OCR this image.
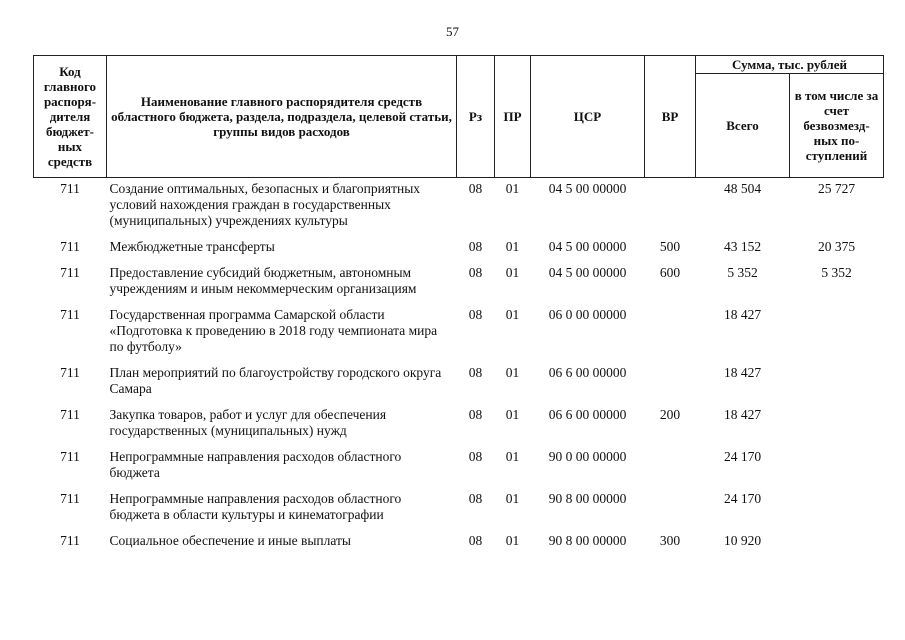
57
Код главного распоря-дителя бюджет-ных средств	Наименование главного распорядителя средств областного бюджета, раздела, подраздела, целевой статьи, группы видов расходов	Рз	ПР	ЦСР	ВР	Сумма, тыс. рублей	
						Всего	в том числе за счет безвозмезд-ных по-ступлений
711	Создание оптимальных, безопасных и благоприятных условий нахождения граждан в государственных (муниципальных) учреждениях культуры	08	01	04 5 00 00000		48 504	25 727
711	Межбюджетные трансферты	08	01	04 5 00 00000	500	43 152	20 375
711	Предоставление субсидий бюджетным, автономным учреждениям и иным некоммерческим организациям	08	01	04 5 00 00000	600	5 352	5 352
711	Государственная программа Самарской области «Подготовка к проведению в 2018 году чемпионата мира по футболу»	08	01	06 0 00 00000		18 427	
711	План мероприятий по благоустройству городского округа Самара	08	01	06 6 00 00000		18 427	
711	Закупка товаров, работ и услуг для обеспечения государственных (муниципальных) нужд	08	01	06 6 00 00000	200	18 427	
711	Непрограммные направления расходов областного бюджета	08	01	90 0 00 00000		24 170	
711	Непрограммные направления расходов областного бюджета в области культуры и кинематографии	08	01	90 8 00 00000		24 170	
711	Социальное обеспечение и иные выплаты	08	01	90 8 00 00000	300	10 920	
